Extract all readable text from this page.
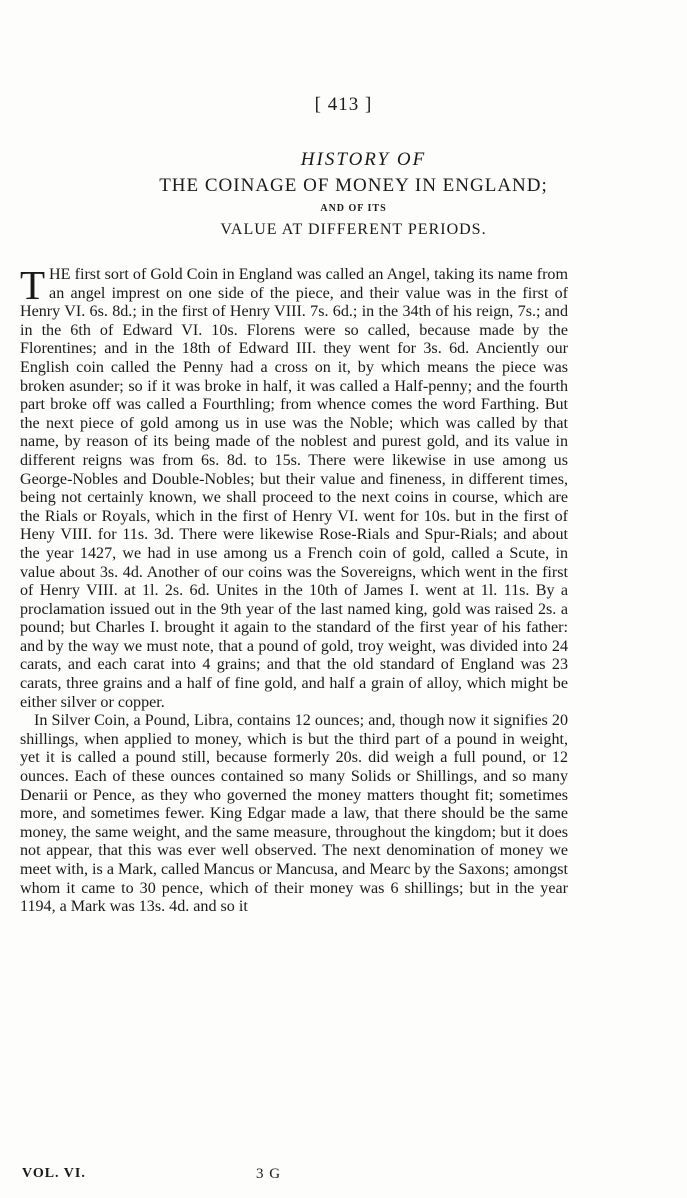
[ 413 ]
HISTORY OF
THE COINAGE OF MONEY IN ENGLAND;
AND OF ITS
VALUE AT DIFFERENT PERIODS.

T HE first sort of Gold Coin in England was called an Angel, taking its name from an angel imprest on one side of the piece, and their value was in the first of Henry VI. 6s. 8d.; in the first of Henry VIII. 7s. 6d.; in the 34th of his reign, 7s.; and in the 6th of Edward VI. 10s. Florens were so called, because made by the Florentines; and in the 18th of Edward III. they went for 3s. 6d. Anciently our English coin called the Penny had a cross on it, by which means the piece was broken asunder; so if it was broke in half, it was called a Half-penny; and the fourth part broke off was called a Fourthling; from whence comes the word Farthing. But the next piece of gold among us in use was the Noble; which was called by that name, by reason of its being made of the noblest and purest gold, and its value in different reigns was from 6s. 8d. to 15s. There were likewise in use among us George-Nobles and Double-Nobles; but their value and fineness, in different times, being not certainly known, we shall proceed to the next coins in course, which are the Rials or Royals, which in the first of Henry VI. went for 10s. but in the first of Heny VIII. for 11s. 3d. There were likewise Rose-Rials and Spur-Rials; and about the year 1427, we had in use among us a French coin of gold, called a Scute, in value about 3s. 4d. Another of our coins was the Sovereigns, which went in the first of Henry VIII. at 1l. 2s. 6d. Unites in the 10th of James I. went at 1l. 11s. By a proclamation issued out in the 9th year of the last named king, gold was raised 2s. a pound; but Charles I. brought it again to the standard of the first year of his father: and by the way we must note, that a pound of gold, troy weight, was divided into 24 carats, and each carat into 4 grains; and that the old standard of England was 23 carats, three grains and a half of fine gold, and half a grain of alloy, which might be either silver or copper.

In Silver Coin, a Pound, Libra, contains 12 ounces; and, though now it signifies 20 shillings, when applied to money, which is but the third part of a pound in weight, yet it is called a pound still, because formerly 20s. did weigh a full pound, or 12 ounces. Each of these ounces contained so many Solids or Shillings, and so many Denarii or Pence, as they who governed the money matters thought fit; sometimes more, and sometimes fewer. King Edgar made a law, that there should be the same money, the same weight, and the same measure, throughout the kingdom; but it does not appear, that this was ever well observed. The next denomination of money we meet with, is a Mark, called Mancus or Mancusa, and Mearc by the Saxons; amongst whom it came to 30 pence, which of their money was 6 shillings; but in the year 1194, a Mark was 13s. 4d. and so it

VOL. VI.	3 G
